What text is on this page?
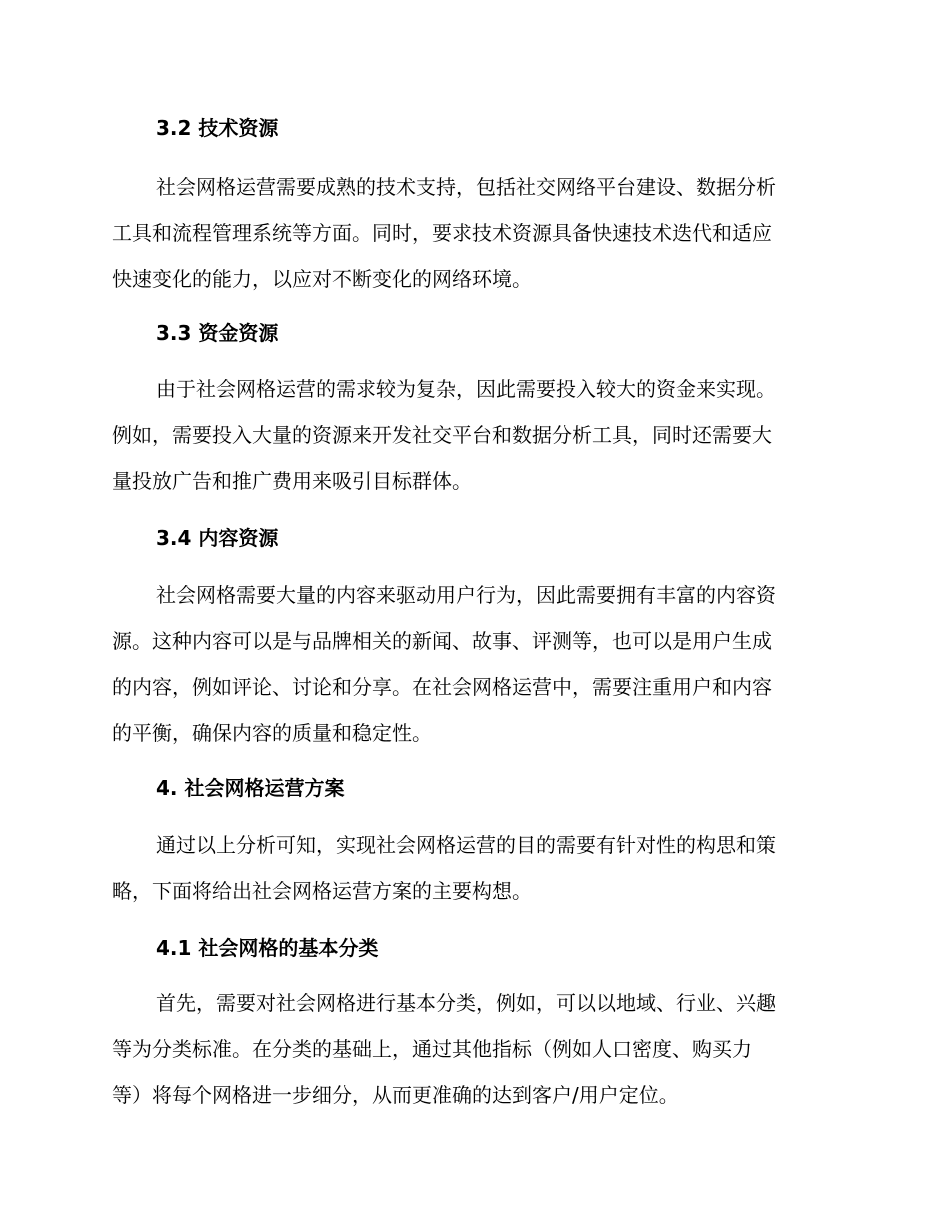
3.2 技术资源
社会网格运营需要成熟的技术支持，包括社交网络平台建设、数据分析
工具和流程管理系统等方面。同时，要求技术资源具备快速技术迭代和适应
快速变化的能力，以应对不断变化的网络环境。
3.3 资金资源
由于社会网格运营的需求较为复杂，因此需要投入较大的资金来实现。
例如，需要投入大量的资源来开发社交平台和数据分析工具，同时还需要大
量投放广告和推广费用来吸引目标群体。
3.4 内容资源
社会网格需要大量的内容来驱动用户行为，因此需要拥有丰富的内容资
源。这种内容可以是与品牌相关的新闻、故事、评测等，也可以是用户生成
的内容，例如评论、讨论和分享。在社会网格运营中，需要注重用户和内容
的平衡，确保内容的质量和稳定性。
4. 社会网格运营方案
通过以上分析可知，实现社会网格运营的目的需要有针对性的构思和策
略，下面将给出社会网格运营方案的主要构想。
4.1 社会网格的基本分类
首先，需要对社会网格进行基本分类，例如，可以以地域、行业、兴趣
等为分类标准。在分类的基础上，通过其他指标（例如人口密度、购买力
等）将每个网格进一步细分，从而更准确的达到客户/用户定位。
